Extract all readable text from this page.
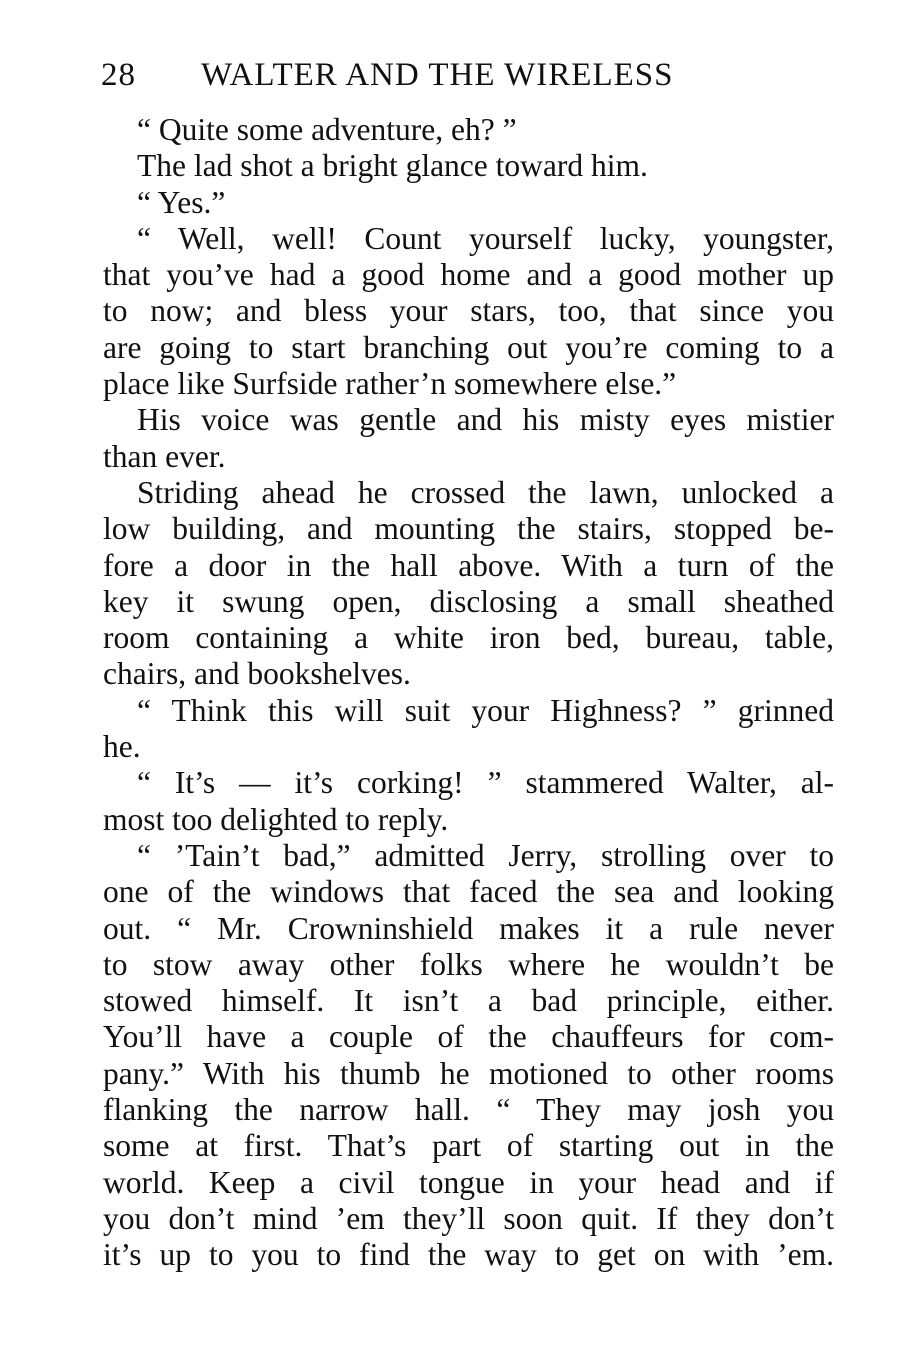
28 WALTER AND THE WIRELESS
“ Quite some adventure, eh? ”
The lad shot a bright glance toward him.
“ Yes.”
“ Well, well! Count yourself lucky, youngster,
that you’ve had a good home and a good mother up
to now; and bless your stars, too, that since you
are going to start branching out you’re coming to a
place like Surfside rather’n somewhere else.”
His voice was gentle and his misty eyes mistier
than ever.
Striding ahead he crossed the lawn, unlocked a
low building, and mounting the stairs, stopped be-
fore a door in the hall above. With a turn of the
key it swung open, disclosing a small sheathed
room containing a white iron bed, bureau, table,
chairs, and bookshelves.
“ Think this will suit your Highness? ” grinned
he.
“ It’s — it’s corking! ” stammered Walter, al-
most too delighted to reply.
“ ’Tain’t bad,” admitted Jerry, strolling over to
one of the windows that faced the sea and looking
out. “ Mr. Crowninshield makes it a rule never
to stow away other folks where he wouldn’t be
stowed himself. It isn’t a bad principle, either.
You’ll have a couple of the chauffeurs for com-
pany.” With his thumb he motioned to other rooms
flanking the narrow hall. “ They may josh you
some at first. That’s part of starting out in the
world. Keep a civil tongue in your head and if
you don’t mind ’em they’ll soon quit. If they don’t
it’s up to you to find the way to get on with ’em.
